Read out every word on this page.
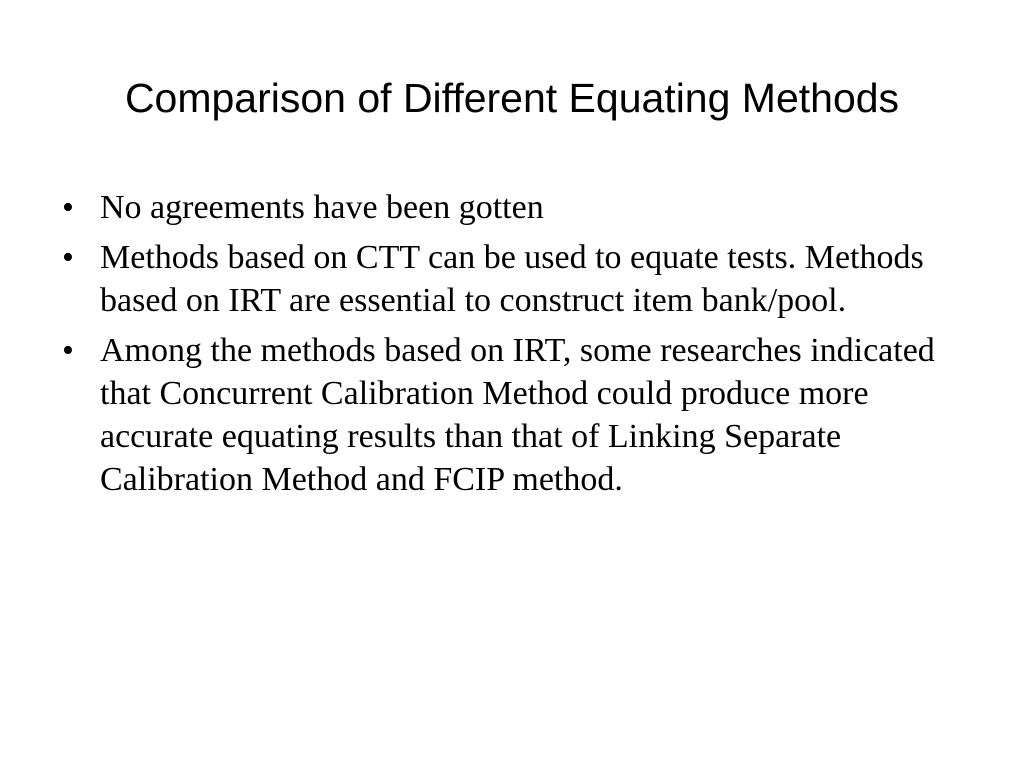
Comparison of Different Equating Methods
• No agreements have been gotten
• Methods based on CTT can be used to equate tests. Methods based on IRT are essential to construct item bank/pool.
• Among the methods based on IRT, some researches indicated that Concurrent Calibration Method could produce more accurate equating results than that of Linking Separate Calibration Method and FCIP method.
